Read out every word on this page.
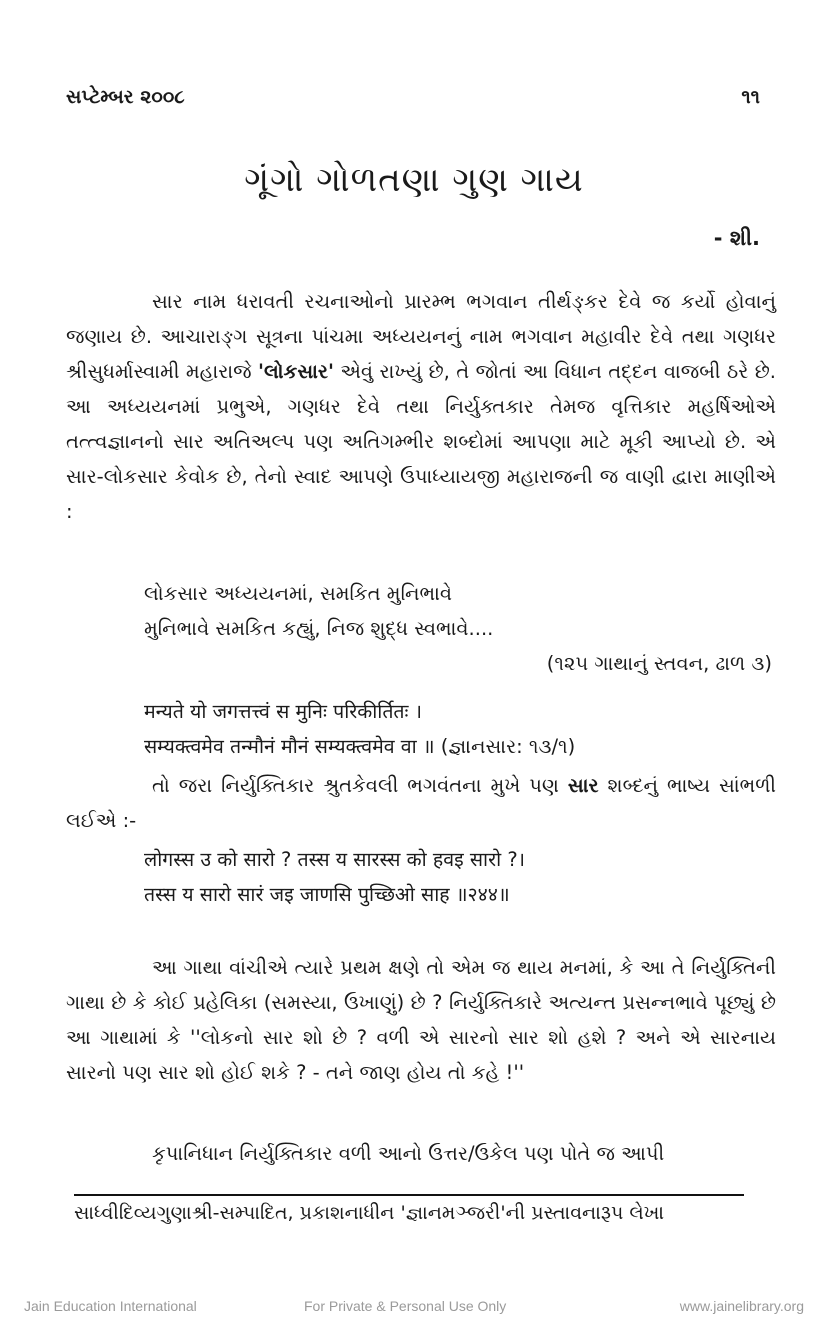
સપ્ટેમ્બર ૨૦૦૮	૧૧
ગૂંગો ગોળતણા ગુણ ગાય
- શી.

સાર નામ ધરાવતી રચનાઓનો પ્રારમ્ભ ભગવાન તીર્થઙ્કર દેવે જ કર્યો હોવાનું જણાય છે. આચારાઙ્ગ સૂત્રના પાંચમા અધ્યયનનું નામ ભગવાન મહાવીર દેવે તથા ગણધર શ્રીસુધર્માસ્વામી મહારાજે 'લોકસાર' એવું રાખ્યું છે, તે જોતાં આ વિધાન તદ્દન વાજબી ઠરે છે. આ અધ્યયનમાં પ્રભુએ, ગણધર દેવે તથા નિર્યુક્તકાર તેમજ વૃત્તિકાર મહર્ષિઓએ તત્ત્વજ્ઞાનનો સાર અતિઅલ્પ પણ અતિગમ્ભીર શબ્દોમાં આપણા માટે મૂકી આપ્યો છે. એ સાર-લોકસાર કેવોક છે, તેનો સ્વાદ આપણે ઉપાધ્યાયજી મહારાજની જ વાણી દ્વારા માણીએ :

લોકસાર અધ્યયનમાં, સમકિત મુનિભાવે

મુનિભાવે સમકિત કહ્યું, નિજ શુદ્ધ સ્વભાવે....

(૧૨૫ ગાથાનું સ્તવન, ઢાળ ૩)

मन्यते यो जगत्तत्त्वं स मुनिः परिकीर्तितः ।

सम्यक्त्वमेव तन्मौनं मौनं सम्यक्त्वमेव वा ॥ (જ્ઞાનસાર: ૧૩/૧)

તો જરા નિર્યુક્તિકાર શ્રુતકેવલી ભગવંતના મુખે પણ સાર શબ્દનું ભાષ્ય સાંભળી લઈએ :-

लोगस्स उ को सारो ? तस्स य सारस्स को हवइ सारो ?।

तस्स य सारो सारं जइ जाणसि पुच्छिओ साह ॥२४४॥

આ ગાથા વાંચીએ ત્યારે પ્રથમ ક્ષણે તો એમ જ થાય મનમાં, કે આ તે નિર્યુક્તિની ગાથા છે કે કોઈ પ્રહેલિકા (સમસ્યા, ઉખાણું) છે ? નિર્યુક્તિકારે અત્યન્ત પ્રસન્નભાવે પૂછ્યું છે આ ગાથામાં કે ''લોકનો સાર શો છે ? વળી એ સારનો સાર શો હશે ? અને એ સારનાય સારનો પણ સાર શો હોઈ શકે ? - તને જાણ હોય તો કહે !''

કૃપાનિધાન નિર્યુક્તિકાર વળી આનો ઉત્તર/ઉકેલ પણ પોતે જ આપી

સાધ્વીદિવ્યગુણાશ્રી-સમ્પાદિત, પ્રકાશનાધીન 'જ્ઞાનમઞ્જરી'ની પ્રસ્તાવનારૂપ લેખ।
Jain Education International	For Private & Personal Use Only	www.jainelibrary.org
